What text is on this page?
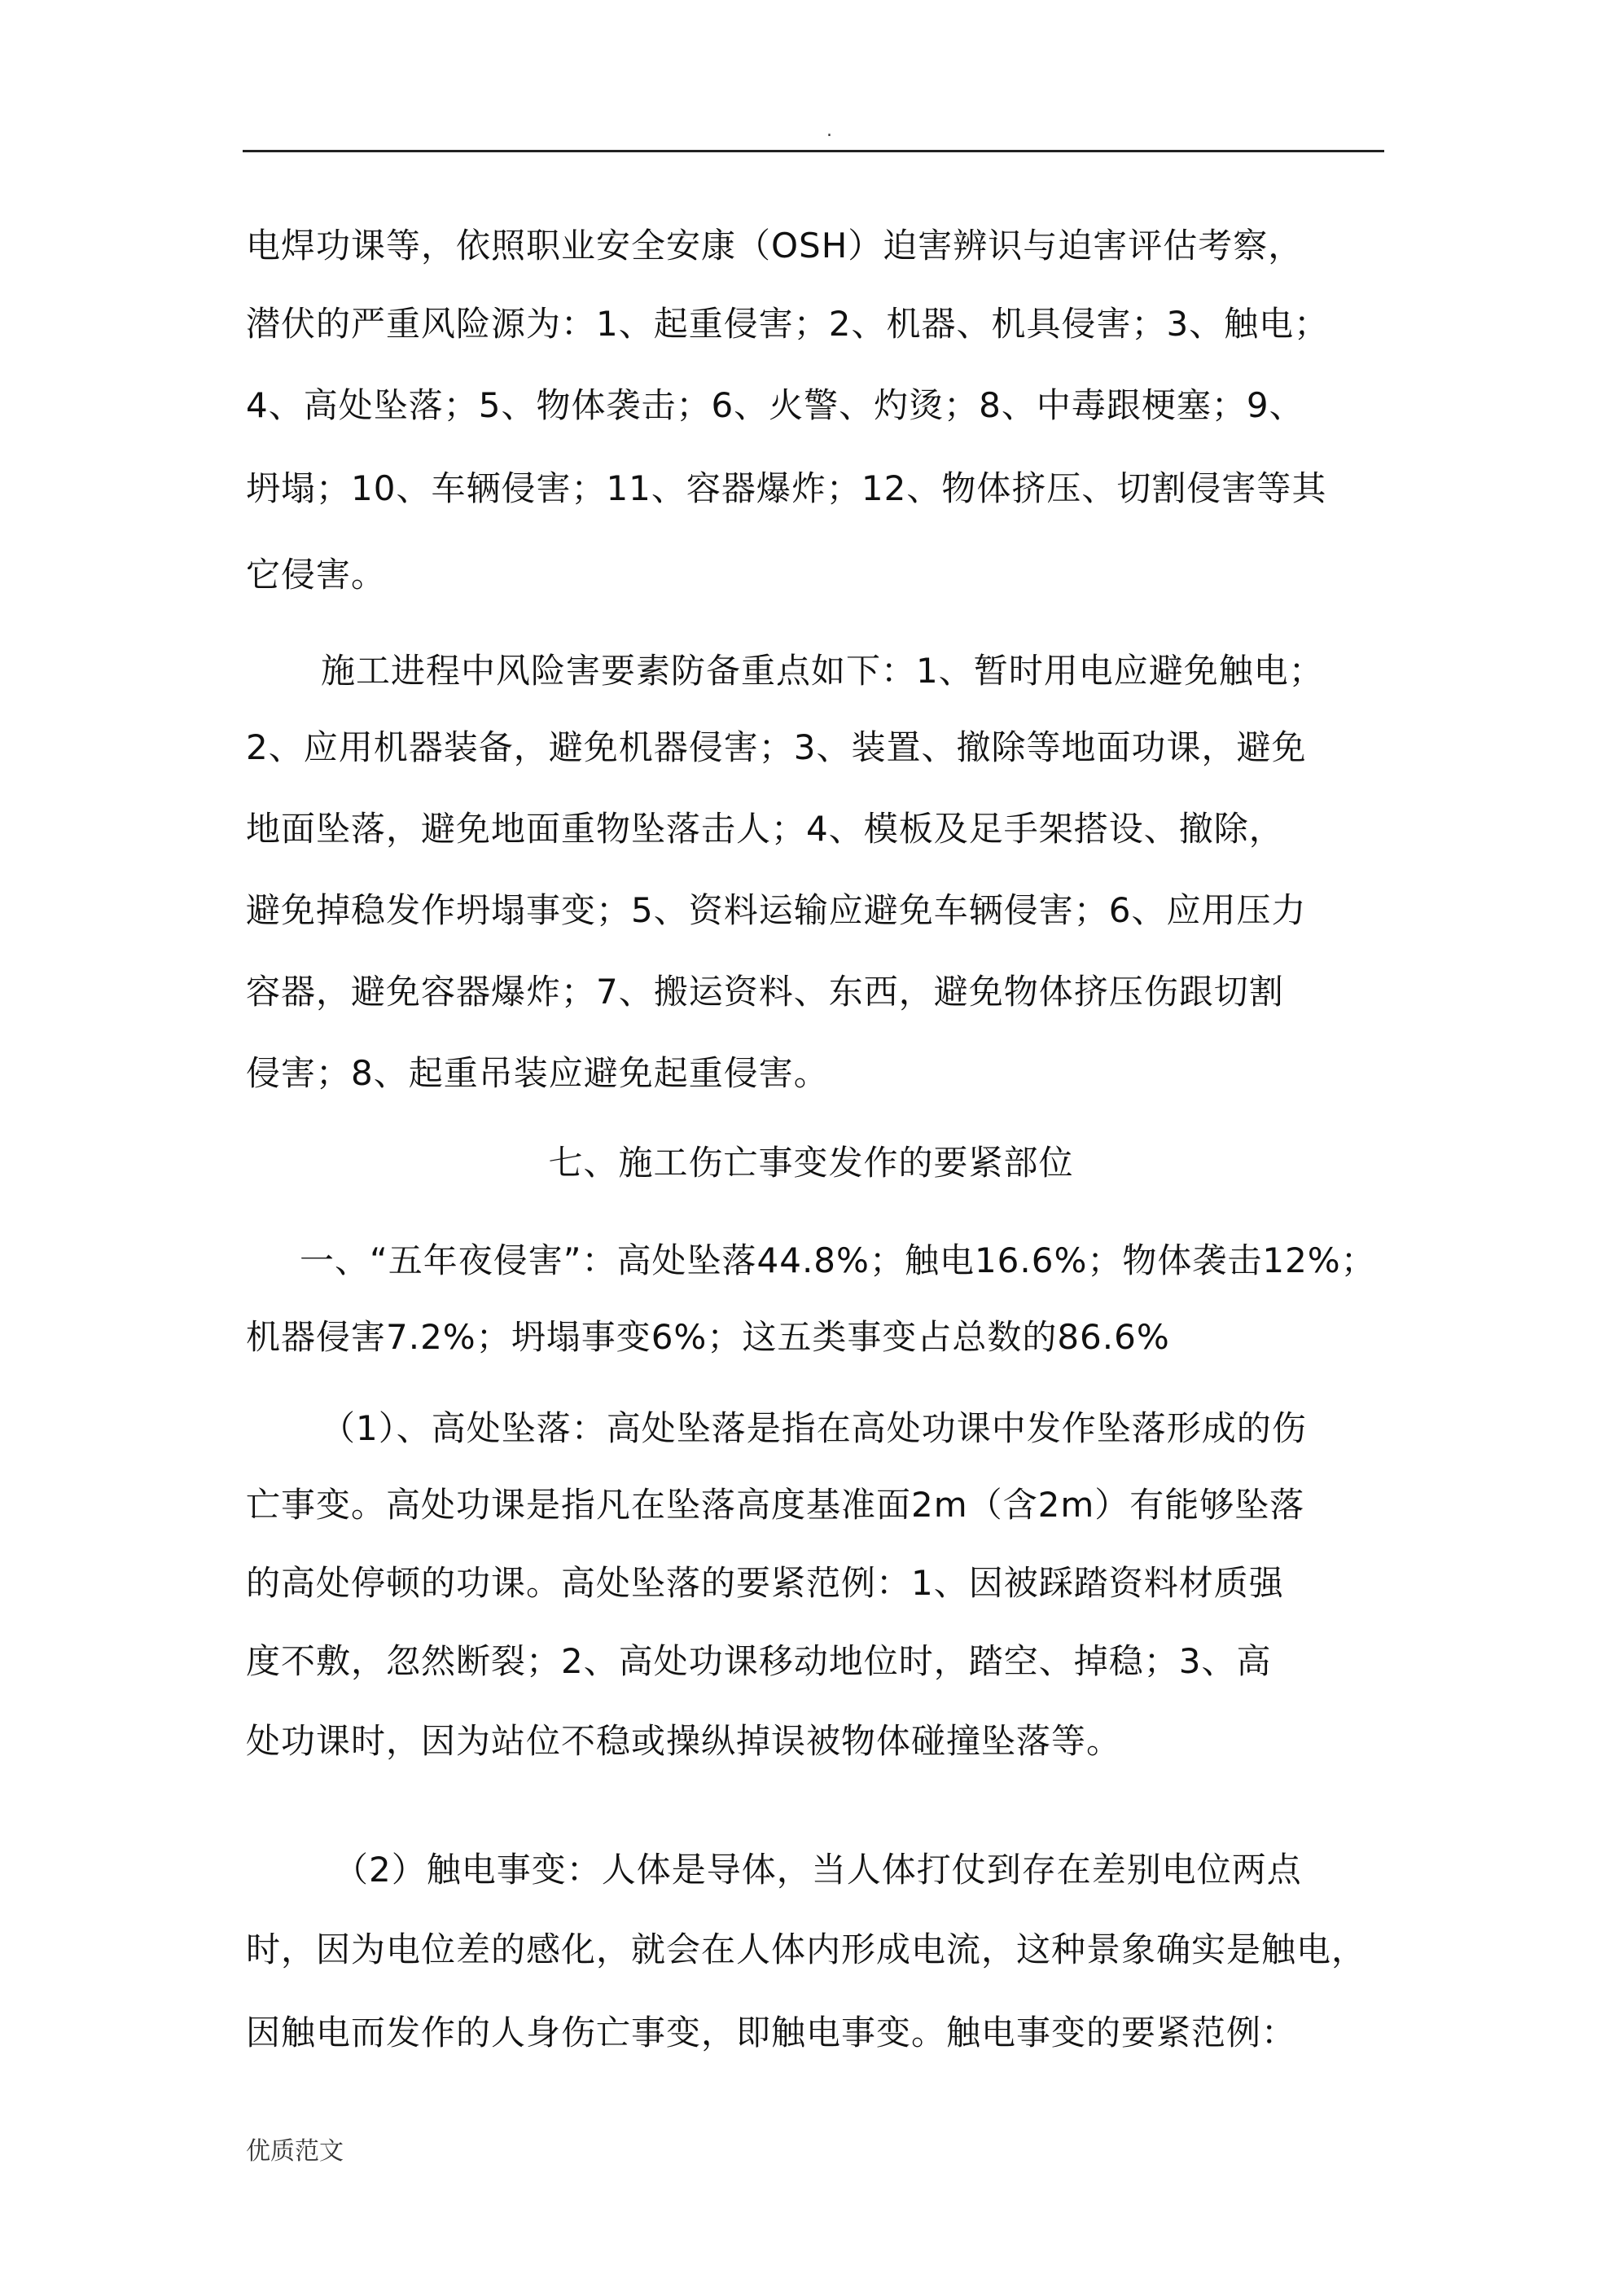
.
电焊功课等，依照职业安全安康（OSH）迫害辨识与迫害评估考察，
潜伏的严重风险源为：1、起重侵害；2、机器、机具侵害；3、触电；
4、高处坠落；5、物体袭击；6、火警、灼烫；8、中毒跟梗塞；9、
坍塌；10、车辆侵害；11、容器爆炸；12、物体挤压、切割侵害等其
它侵害。
施工进程中风险害要素防备重点如下：1、暂时用电应避免触电；
2、应用机器装备，避免机器侵害；3、装置、撤除等地面功课，避免
地面坠落，避免地面重物坠落击人；4、模板及足手架搭设、撤除，
避免掉稳发作坍塌事变；5、资料运输应避免车辆侵害；6、应用压力
容器，避免容器爆炸；7、搬运资料、东西，避免物体挤压伤跟切割
侵害；8、起重吊装应避免起重侵害。
七、施工伤亡事变发作的要紧部位
一、“五年夜侵害”：高处坠落44.8%；触电16.6%；物体袭击12%；
机器侵害7.2%；坍塌事变6%；这五类事变占总数的86.6%
（1）、高处坠落：高处坠落是指在高处功课中发作坠落形成的伤
亡事变。高处功课是指凡在坠落高度基准面2m（含2m）有能够坠落
的高处停顿的功课。高处坠落的要紧范例：1、因被踩踏资料材质强
度不敷，忽然断裂；2、高处功课移动地位时，踏空、掉稳；3、高
处功课时，因为站位不稳或操纵掉误被物体碰撞坠落等。
（2）触电事变：人体是导体，当人体打仗到存在差别电位两点
时，因为电位差的感化，就会在人体内形成电流，这种景象确实是触电，
因触电而发作的人身伤亡事变，即触电事变。触电事变的要紧范例：
优质范文
